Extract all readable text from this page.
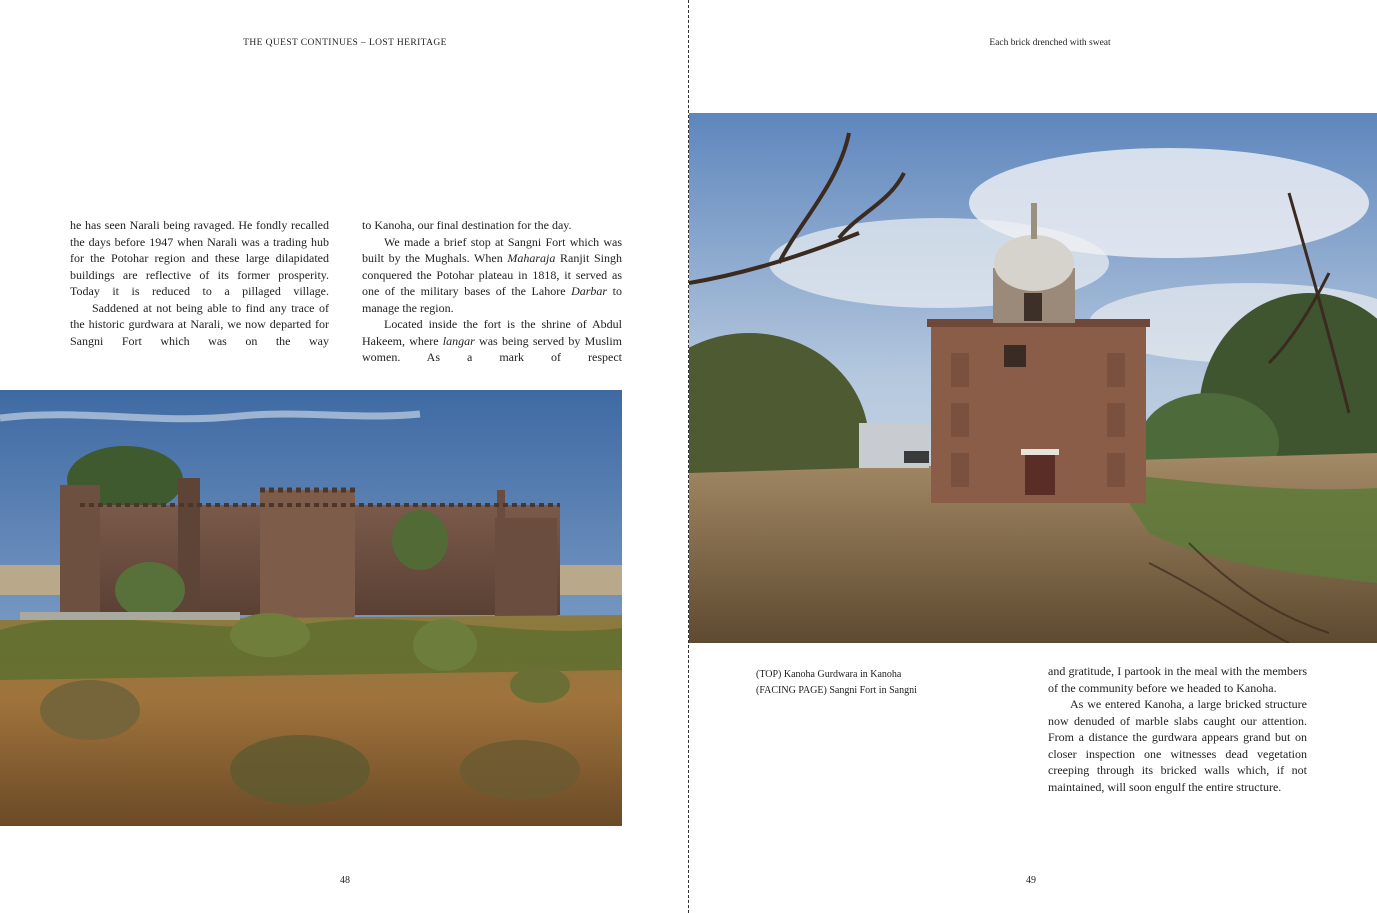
THE QUEST CONTINUES – LOST HERITAGE

he has seen Narali being ravaged. He fondly recalled the days before 1947 when Narali was a trading hub for the Potohar region and these large dilapidated buildings are reflective of its former prosperity. Today it is reduced to a pillaged village.

Saddened at not being able to find any trace of the historic gurdwara at Narali, we now departed for Sangni Fort which was on the way

to Kanoha, our final destination for the day.

We made a brief stop at Sangni Fort which was built by the Mughals. When Maharaja Ranjit Singh conquered the Potohar plateau in 1818, it served as one of the military bases of the Lahore Darbar to manage the region.

Located inside the fort is the shrine of Abdul Hakeem, where langar was being served by Muslim women. As a mark of respect

48
Each brick drenched with sweat
(TOP) Kanoha Gurdwara in Kanoha
(FACING PAGE) Sangni Fort in Sangni

and gratitude, I partook in the meal with the members of the community before we headed to Kanoha.

As we entered Kanoha, a large bricked structure now denuded of marble slabs caught our attention. From a distance the gurdwara appears grand but on closer inspection one witnesses dead vegetation creeping through its bricked walls which, if not maintained, will soon engulf the entire structure.

49
